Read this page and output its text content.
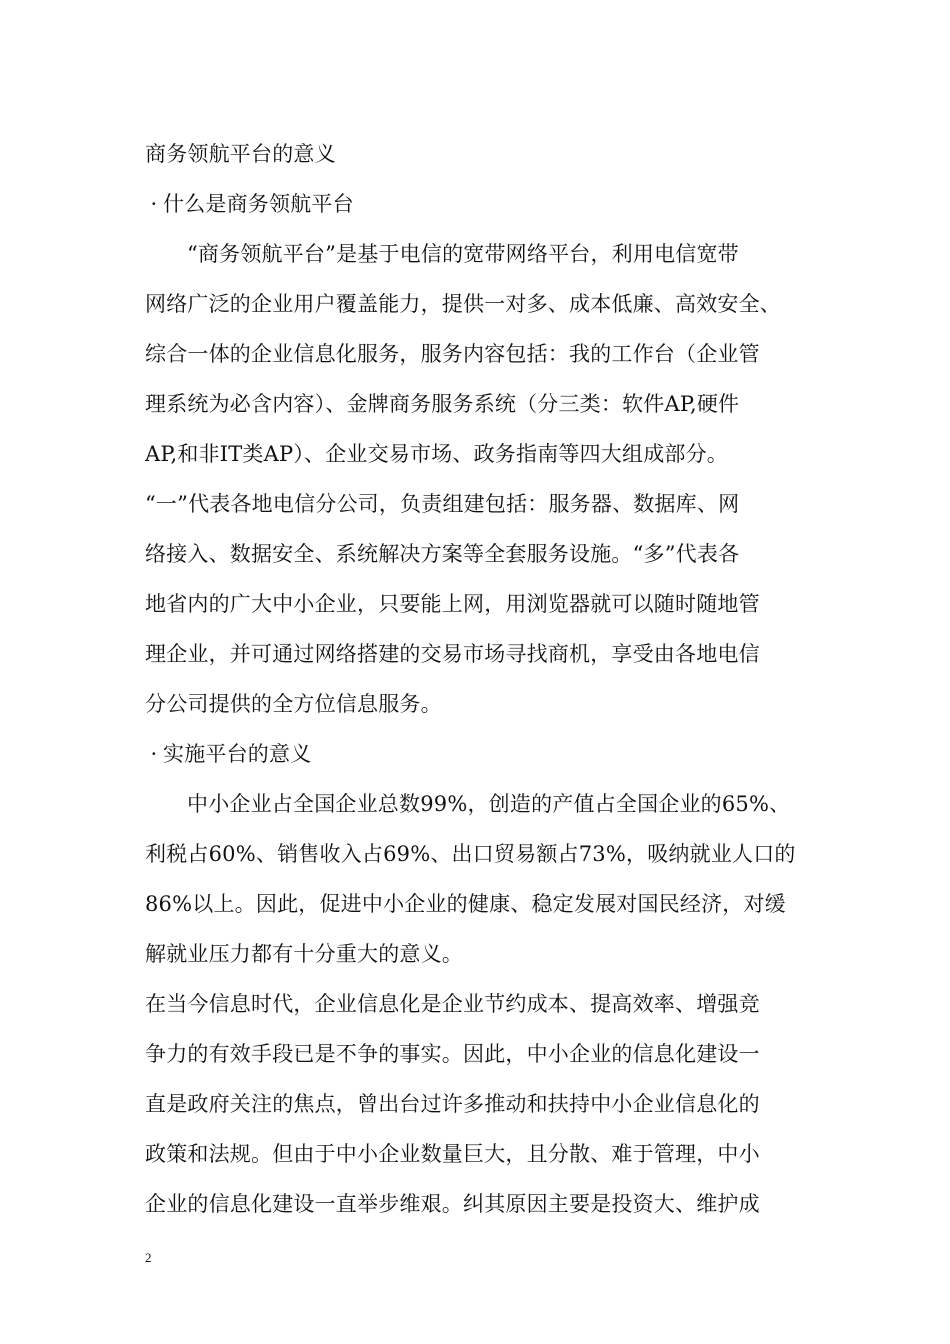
商务领航平台的意义
· 什么是商务领航平台
“商务领航平台”是基于电信的宽带网络平台，利用电信宽带
网络广泛的企业用户覆盖能力，提供一对多、成本低廉、高效安全、
综合一体的企业信息化服务，服务内容包括：我的工作台（企业管
理系统为必含内容）、金牌商务服务系统（分三类：软件AP,硬件
AP,和非IT类AP）、企业交易市场、政务指南等四大组成部分。
“一”代表各地电信分公司，负责组建包括：服务器、数据库、网
络接入、数据安全、系统解决方案等全套服务设施。“多”代表各
地省内的广大中小企业，只要能上网，用浏览器就可以随时随地管
理企业，并可通过网络搭建的交易市场寻找商机，享受由各地电信
分公司提供的全方位信息服务。
· 实施平台的意义
中小企业占全国企业总数99%，创造的产值占全国企业的65%、
利税占60%、销售收入占69%、出口贸易额占73%，吸纳就业人口的
86%以上。因此，促进中小企业的健康、稳定发展对国民经济，对缓
解就业压力都有十分重大的意义。
在当今信息时代，企业信息化是企业节约成本、提高效率、增强竞
争力的有效手段已是不争的事实。因此，中小企业的信息化建设一
直是政府关注的焦点，曾出台过许多推动和扶持中小企业信息化的
政策和法规。但由于中小企业数量巨大，且分散、难于管理，中小
企业的信息化建设一直举步维艰。纠其原因主要是投资大、维护成
2
